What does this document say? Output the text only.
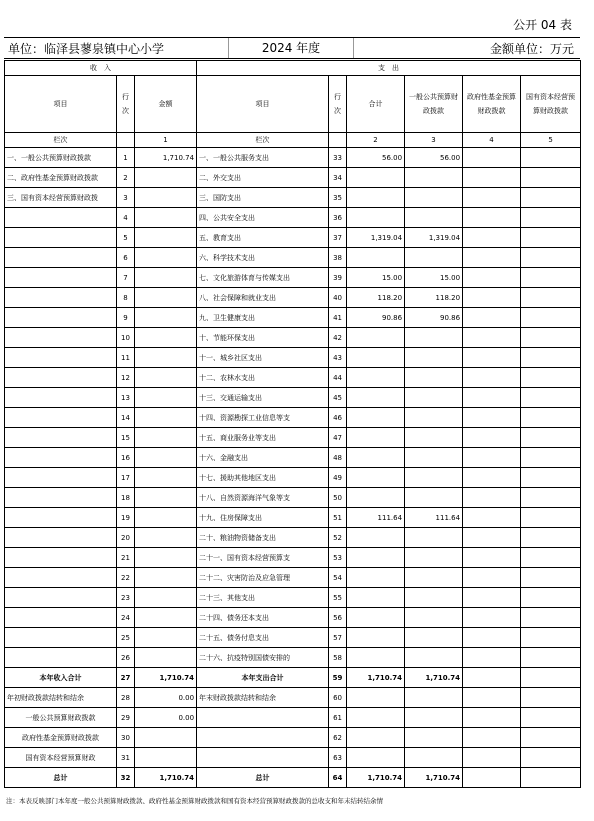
公开 04 表
单位：临泽县蓼泉镇中心小学	2024 年度	金额单位：万元
收　入			支　出					
项目	行次	金额	项目	行次	合计	一般公共预算财政拨款	政府性基金预算财政拨款	国有资本经营预算财政拨款
栏次		1	栏次		2	3	4	5
一、一般公共预算财政拨款	1	1,710.74	一、一般公共服务支出	33	56.00	56.00		
二、政府性基金预算财政拨款	2		二、外交支出	34				
三、国有资本经营预算财政拨	3		三、国防支出	35				
	4		四、公共安全支出	36				
	5		五、教育支出	37	1,319.04	1,319.04		
	6		六、科学技术支出	38				
	7		七、文化旅游体育与传媒支出	39	15.00	15.00		
	8		八、社会保障和就业支出	40	118.20	118.20		
	9		九、卫生健康支出	41	90.86	90.86		
	10		十、节能环保支出	42				
	11		十一、城乡社区支出	43				
	12		十二、农林水支出	44				
	13		十三、交通运输支出	45				
	14		十四、资源勘探工业信息等支	46				
	15		十五、商业服务业等支出	47				
	16		十六、金融支出	48				
	17		十七、援助其他地区支出	49				
	18		十八、自然资源海洋气象等支	50				
	19		十九、住房保障支出	51	111.64	111.64		
	20		二十、粮油物资储备支出	52				
	21		二十一、国有资本经营预算支	53				
	22		二十二、灾害防治及应急管理	54				
	23		二十三、其他支出	55				
	24		二十四、债务还本支出	56				
	25		二十五、债务付息支出	57				
	26		二十六、抗疫特别国债安排的	58				
本年收入合计	27	1,710.74	本年支出合计	59	1,710.74	1,710.74		
年初财政拨款结转和结余	28	0.00	年末财政拨款结转和结余	60				
一般公共预算财政拨款	29	0.00		61				
政府性基金预算财政拨款	30			62				
国有资本经营预算财政	31			63				
总计	32	1,710.74	总计	64	1,710.74	1,710.74		
注：本表反映部门本年度一般公共预算财政拨款、政府性基金预算财政拨款和国有资本经营预算财政拨款的总收支和年末结转结余情
